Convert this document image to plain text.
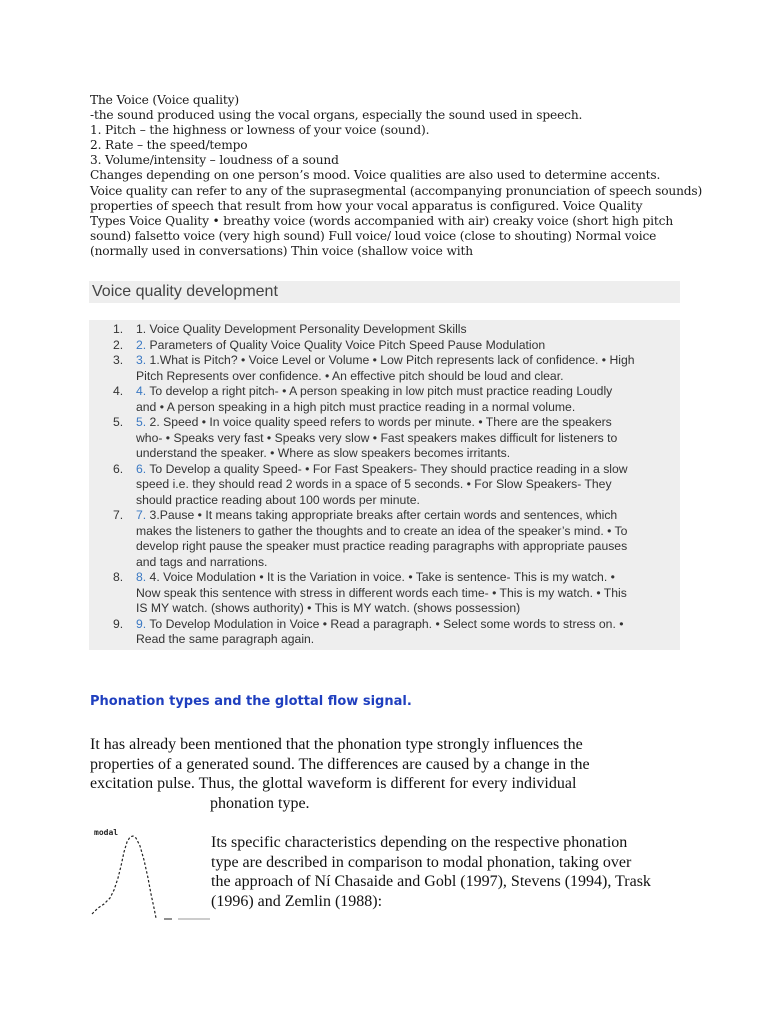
The Voice (Voice quality)
-the sound produced using the vocal organs, especially the sound used in speech.
1. Pitch – the highness or lowness of your voice (sound).
2. Rate – the speed/tempo
3. Volume/intensity – loudness of a sound
Changes depending on one person’s mood. Voice qualities are also used to determine accents.
Voice quality can refer to any of the suprasegmental (accompanying pronunciation of speech sounds)
properties of speech that result from how your vocal apparatus is configured. Voice Quality
Types Voice Quality • breathy voice (words accompanied with air) creaky voice (short high pitch
sound) falsetto voice (very high sound) Full voice/ loud voice (close to shouting) Normal voice
(normally used in conversations) Thin voice (shallow voice with
Voice quality development
1. 1. Voice Quality Development Personality Development Skills
2. 2. Parameters of Quality Voice Quality Voice Pitch Speed Pause Modulation
3. 3. 1.What is Pitch? • Voice Level or Volume • Low Pitch represents lack of confidence. • High
Pitch Represents over confidence. • An effective pitch should be loud and clear.
4. 4. To develop a right pitch- • A person speaking in low pitch must practice reading Loudly
and • A person speaking in a high pitch must practice reading in a normal volume.
5. 5. 2. Speed • In voice quality speed refers to words per minute. • There are the speakers
who- • Speaks very fast • Speaks very slow • Fast speakers makes difficult for listeners to
understand the speaker. • Where as slow speakers becomes irritants.
6. 6. To Develop a quality Speed- • For Fast Speakers- They should practice reading in a slow
speed i.e. they should read 2 words in a space of 5 seconds. • For Slow Speakers- They
should practice reading about 100 words per minute.
7. 7. 3.Pause • It means taking appropriate breaks after certain words and sentences, which
makes the listeners to gather the thoughts and to create an idea of the speaker’s mind. • To
develop right pause the speaker must practice reading paragraphs with appropriate pauses
and tags and narrations.
8. 8. 4. Voice Modulation • It is the Variation in voice. • Take is sentence- This is my watch. •
Now speak this sentence with stress in different words each time- • This is my watch. • This
IS MY watch. (shows authority) • This is MY watch. (shows possession)
9. 9. To Develop Modulation in Voice • Read a paragraph. • Select some words to stress on. •
Read the same paragraph again.
Phonation types and the glottal flow signal.
It has already been mentioned that the phonation type strongly influences the
properties of a generated sound. The differences are caused by a change in the
excitation pulse. Thus, the glottal waveform is different for every individual
phonation type.
modal
Its specific characteristics depending on the respective phonation
type are described in comparison to modal phonation, taking over
the approach of Ní Chasaide and Gobl (1997), Stevens (1994), Trask
(1996) and Zemlin (1988):
